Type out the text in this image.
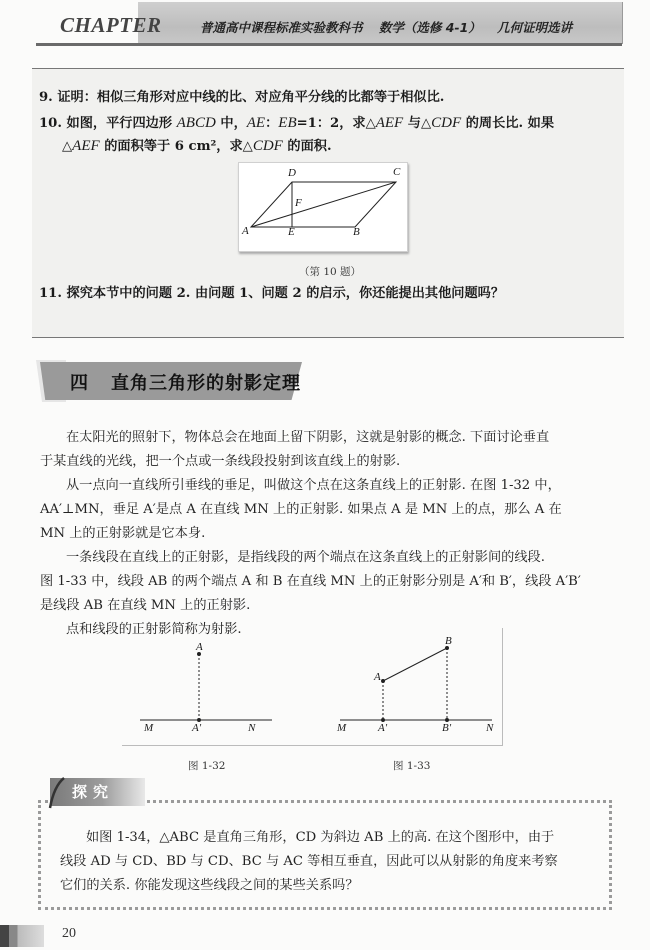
CHAPTER	普通高中课程标准实验教科书 数学（选修 4-1） 几何证明选讲
9. 证明：相似三角形对应中线的比、对应角平分线的比都等于相似比.
10. 如图，平行四边形 ABCD 中，AE：EB=1：2，求△AEF 与△CDF 的周长比. 如果
△AEF 的面积等于 6 cm²，求△CDF 的面积.
A
D	C
B
E
F
（第 10 题）
11. 探究本节中的问题 2. 由问题 1、问题 2 的启示，你还能提出其他问题吗？
四 直角三角形的射影定理
在太阳光的照射下，物体总会在地面上留下阴影，这就是射影的概念. 下面讨论垂直
于某直线的光线，把一个点或一条线段投射到该直线上的射影.
从一点向一直线所引垂线的垂足，叫做这个点在这条直线上的正射影. 在图 1-32 中，
AA′⊥MN，垂足 A′是点 A 在直线 MN 上的正射影. 如果点 A 是 MN 上的点，那么 A 在
MN 上的正射影就是它本身.
一条线段在直线上的正射影，是指线段的两个端点在这条直线上的正射影间的线段.
图 1-33 中，线段 AB 的两个端点 A 和 B 在直线 MN 上的正射影分别是 A′和 B′，线段 A′B′
是线段 AB 在直线 MN 上的正射影.
点和线段的正射影简称为射影.
A
A′
M	N
A
B
A′	B′
M	N
图 1-32	图 1-33
探究
如图 1-34，△ABC 是直角三角形，CD 为斜边 AB 上的高. 在这个图形中，由于
线段 AD 与 CD、BD 与 CD、BC 与 AC 等相互垂直，因此可以从射影的角度来考察
它们的关系. 你能发现这些线段之间的某些关系吗？
20
